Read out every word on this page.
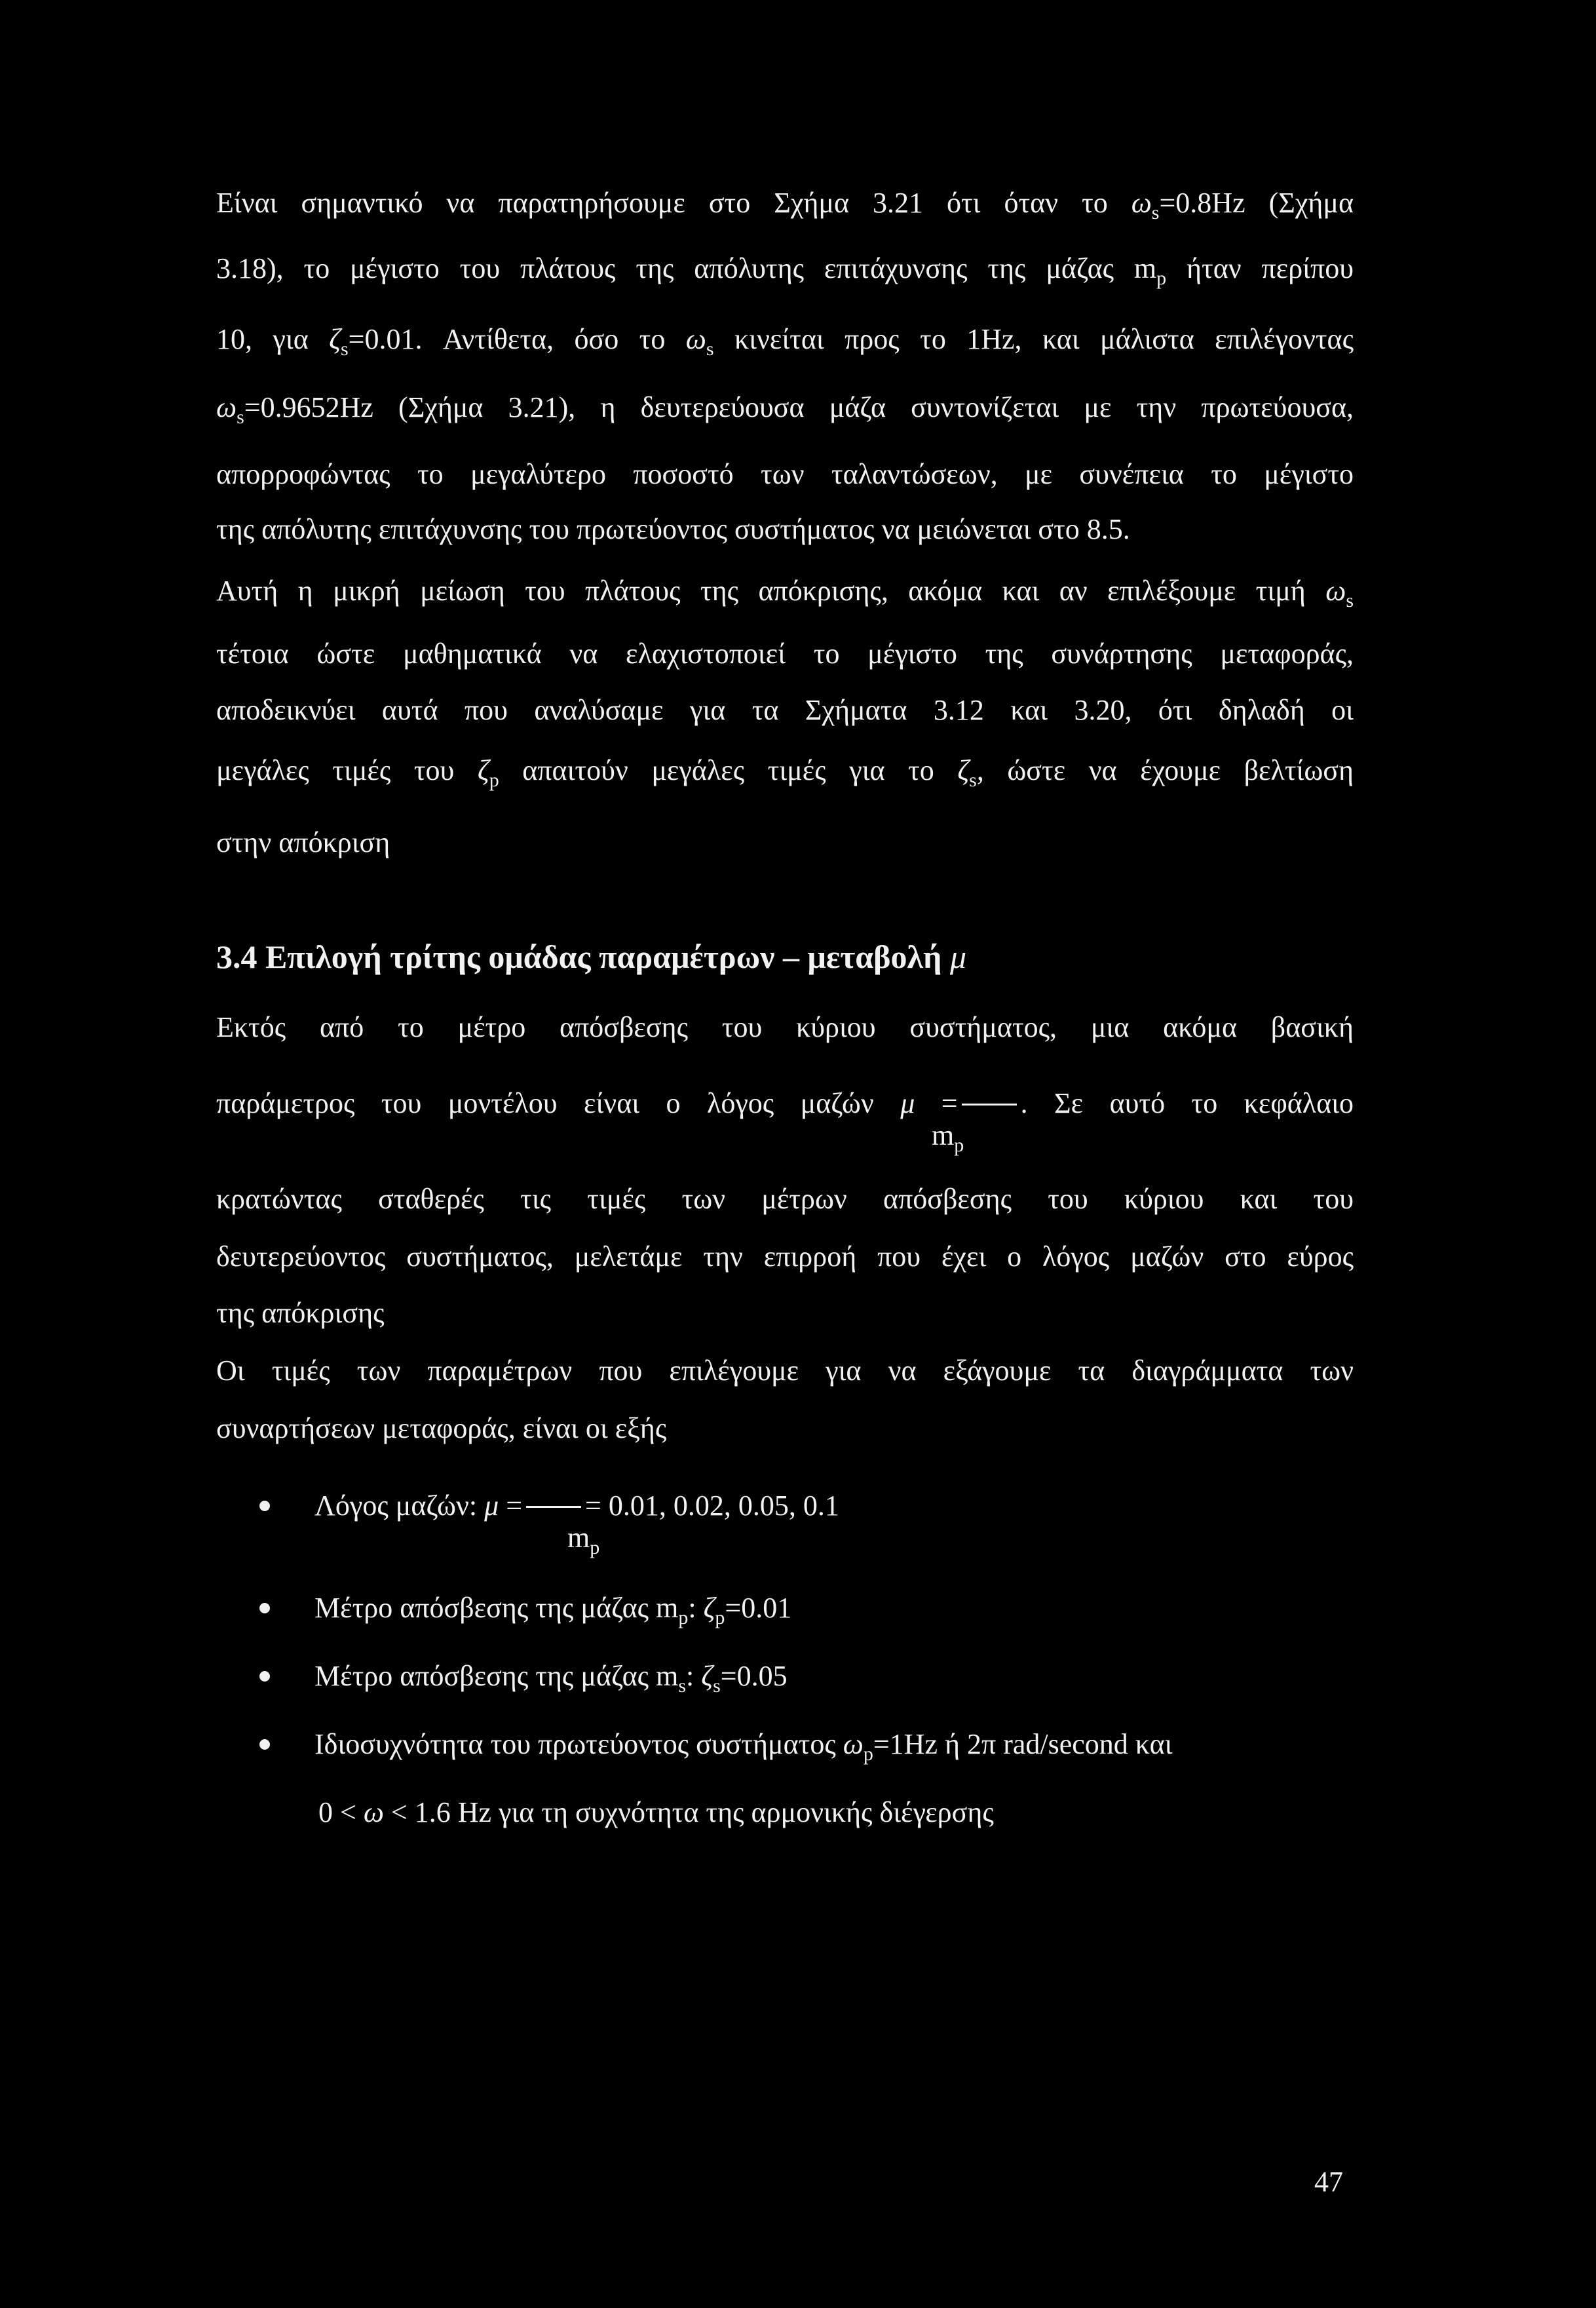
Είναι σημαντικό να παρατηρήσουμε στο Σχήμα 3.21 ότι όταν το $\omega_s=0.8Hz$ (Σχήμα
3.18), το μέγιστο του πλάτους της απόλυτης επιτάχυνσης της μάζας $m_p$ ήταν περίπου
10, για $\zeta_s=0.01$. Αντίθετα, όσο το $\omega_s$ κινείται προς το 1Hz, και μάλιστα επιλέγοντας
$\omega_s=0.9652Hz$ (Σχήμα 3.21), η δευτερεύουσα μάζα συντονίζεται με την πρωτεύουσα,
απορροφώντας το μεγαλύτερο ποσοστό των ταλαντώσεων, με συνέπεια το μέγιστο
της απόλυτης επιτάχυνσης του πρωτεύοντος συστήματος να μειώνεται στο 8.5.
Αυτή η μικρή μείωση του πλάτους της απόκρισης, ακόμα και αν επιλέξουμε τιμή $\omega_s$
τέτοια ώστε μαθηματικά να ελαχιστοποιεί το μέγιστο της συνάρτησης μεταφοράς,
αποδεικνύει αυτά που αναλύσαμε για τα Σχήματα 3.12 και 3.20, ότι δηλαδή οι
μεγάλες τιμές του $\zeta_p$ απαιτούν μεγάλες τιμές για το $\zeta_s$, ώστε να έχουμε βελτίωση
στην απόκριση
3.4 Επιλογή τρίτης ομάδας παραμέτρων – μεταβολή μ
Εκτός από το μέτρο απόσβεσης του κύριου συστήματος, μια ακόμα βασική
παράμετρος του μοντέλου είναι ο λόγος μαζών μ = . Σε αυτό το κεφάλαιο
$m_p$
κρατώντας σταθερές τις τιμές των μέτρων απόσβεσης του κύριου και του
δευτερεύοντος συστήματος, μελετάμε την επιρροή που έχει ο λόγος μαζών στο εύρος
της απόκρισης
Οι τιμές των παραμέτρων που επιλέγουμε για να εξάγουμε τα διαγράμματα των
συναρτήσεων μεταφοράς, είναι οι εξής
Λόγος μαζών: μ = = 0.01, 0.02, 0.05, 0.1
$m_p$
Μέτρο απόσβεσης της μάζας $m_p$: $\zeta_p=0.01$
Μέτρο απόσβεσης της μάζας $m_s$: $\zeta_s=0.05$
Ιδιοσυχνότητα του πρωτεύοντος συστήματος $\omega_p=1Hz$ ή 2π rad/second και
0 < ω < 1.6 Hz για τη συχνότητα της αρμονικής διέγερσης
47
